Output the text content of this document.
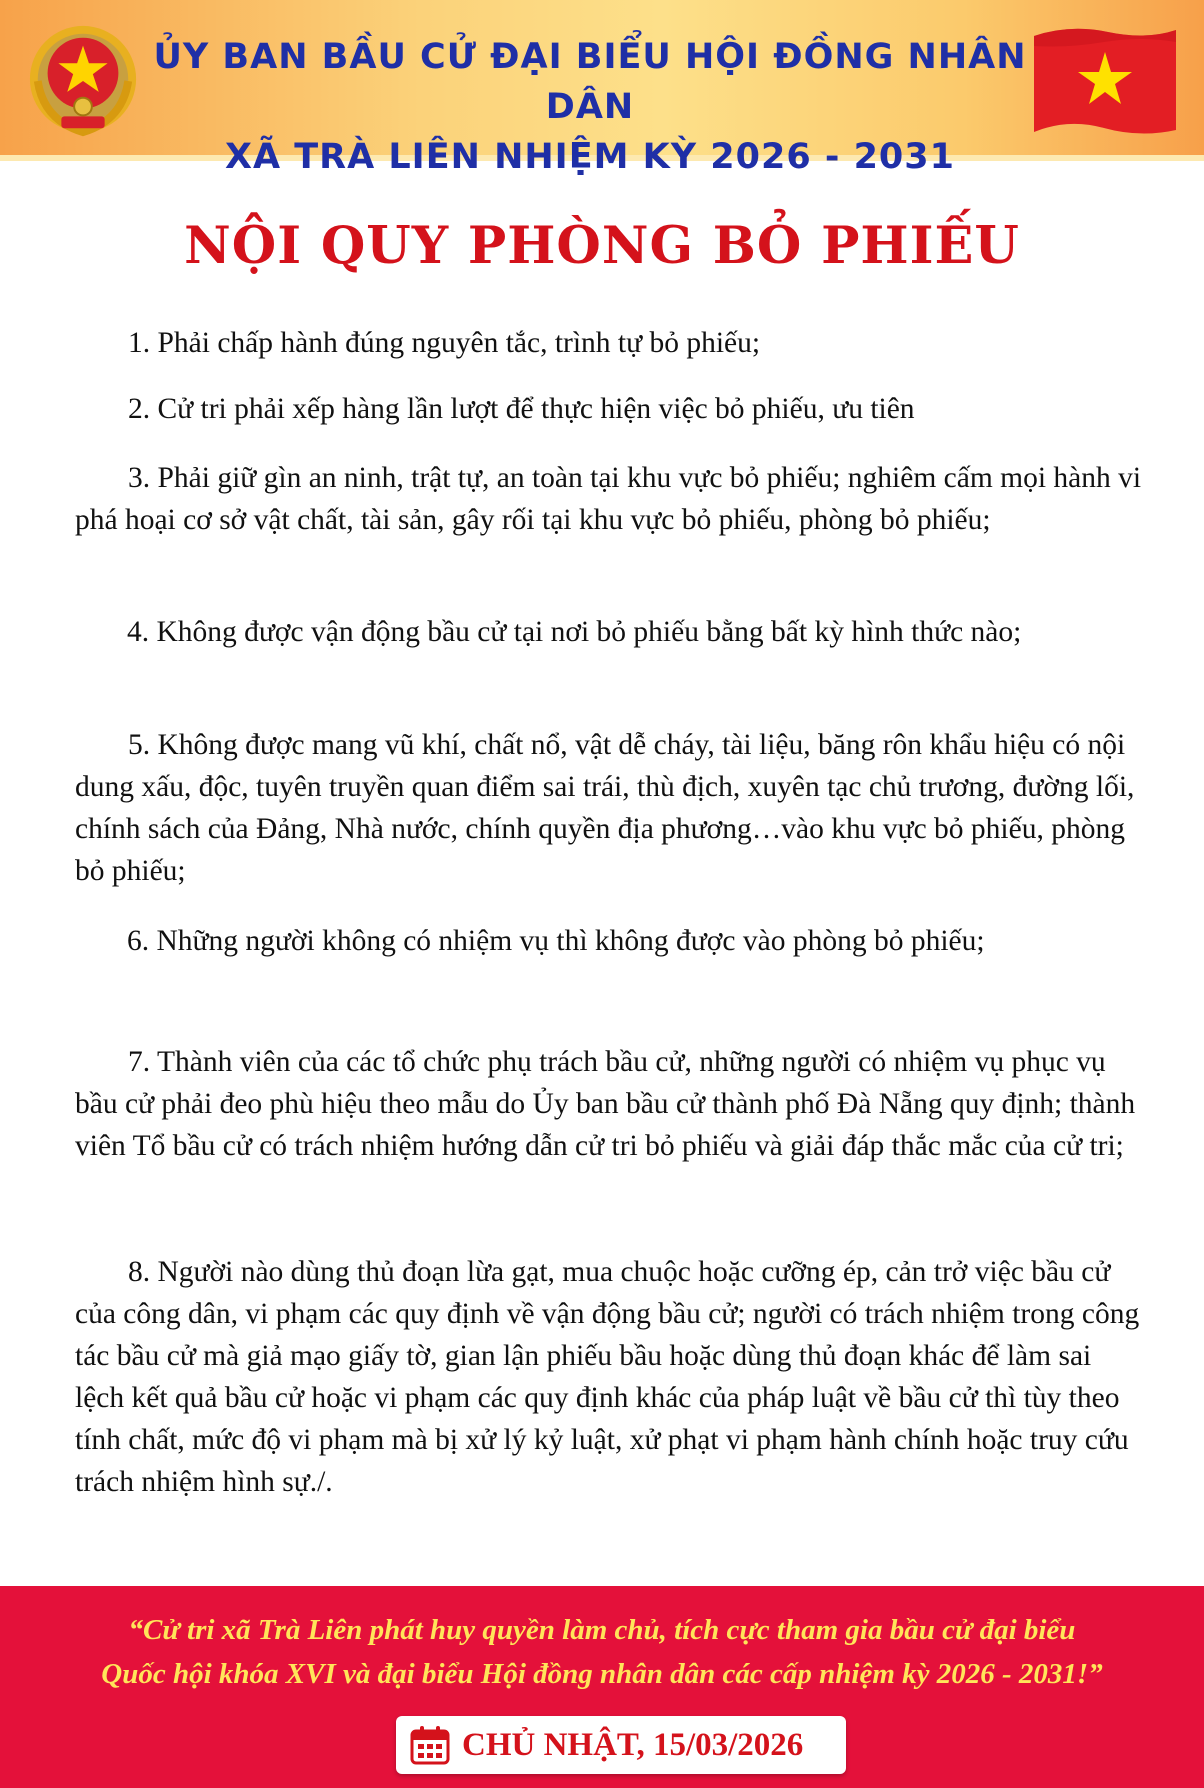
ỦY BAN BẦU CỬ ĐẠI BIỂU HỘI ĐỒNG NHÂN DÂN
XÃ TRÀ LIÊN NHIỆM KỲ 2026 - 2031
NỘI QUY PHÒNG BỎ PHIẾU
1. Phải chấp hành đúng nguyên tắc, trình tự bỏ phiếu;
2. Cử tri phải xếp hàng lần lượt để thực hiện việc bỏ phiếu, ưu tiên
3. Phải giữ gìn an ninh, trật tự, an toàn tại khu vực bỏ phiếu; nghiêm cấm mọi hành vi phá hoại cơ sở vật chất, tài sản, gây rối tại khu vực bỏ phiếu, phòng bỏ phiếu;
4. Không được vận động bầu cử tại nơi bỏ phiếu bằng bất kỳ hình thức nào;
5. Không được mang vũ khí, chất nổ, vật dễ cháy, tài liệu, băng rôn khẩu hiệu có nội dung xấu, độc, tuyên truyền quan điểm sai trái, thù địch, xuyên tạc chủ trương, đường lối, chính sách của Đảng, Nhà nước, chính quyền địa phương…vào khu vực bỏ phiếu, phòng bỏ phiếu;
6. Những người không có nhiệm vụ thì không được vào phòng bỏ phiếu;
7. Thành viên của các tổ chức phụ trách bầu cử, những người có nhiệm vụ phục vụ bầu cử phải đeo phù hiệu theo mẫu do Ủy ban bầu cử thành phố Đà Nẵng quy định; thành viên Tổ bầu cử có trách nhiệm hướng dẫn cử tri bỏ phiếu và giải đáp thắc mắc của cử tri;
8. Người nào dùng thủ đoạn lừa gạt, mua chuộc hoặc cưỡng ép, cản trở việc bầu cử của công dân, vi phạm các quy định về vận động bầu cử; người có trách nhiệm trong công tác bầu cử mà giả mạo giấy tờ, gian lận phiếu bầu hoặc dùng thủ đoạn khác để làm sai lệch kết quả bầu cử hoặc vi phạm các quy định khác của pháp luật về bầu cử thì tùy theo tính chất, mức độ vi phạm mà bị xử lý kỷ luật, xử phạt vi phạm hành chính hoặc truy cứu trách nhiệm hình sự./.
“Cử tri xã Trà Liên phát huy quyền làm chủ, tích cực tham gia bầu cử đại biểu
Quốc hội khóa XVI và đại biểu Hội đồng nhân dân các cấp nhiệm kỳ 2026 - 2031!”
CHỦ NHẬT, 15/03/2026
